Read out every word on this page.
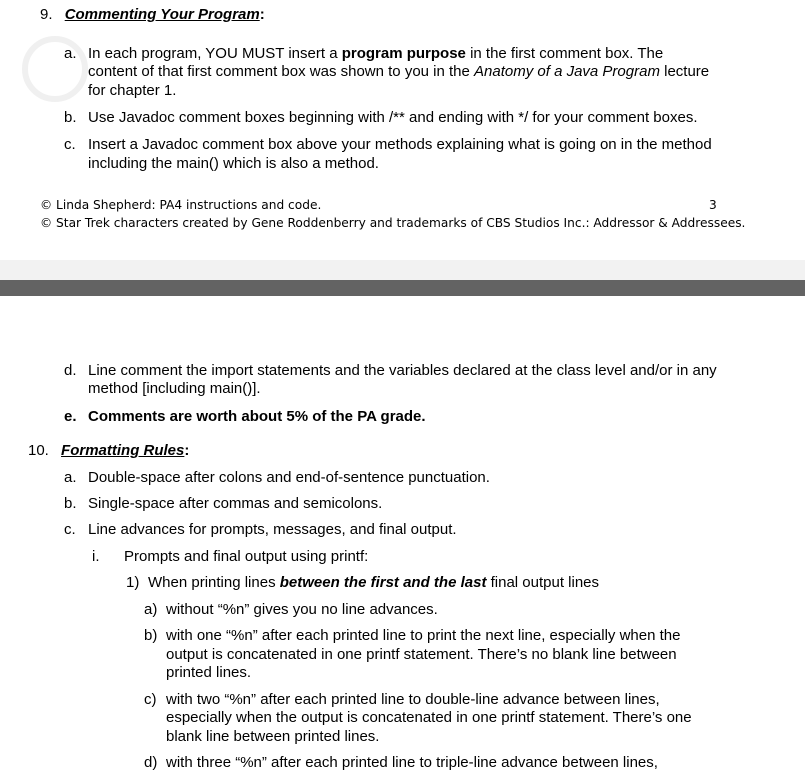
9. Commenting Your Program:
a. In each program, YOU MUST insert a program purpose in the first comment box. The
content of that first comment box was shown to you in the Anatomy of a Java Program lecture
for chapter 1.
b. Use Javadoc comment boxes beginning with /** and ending with */ for your comment boxes.
c. Insert a Javadoc comment box above your methods explaining what is going on in the method
including the main() which is also a method.
© Linda Shepherd: PA4 instructions and code.	3
© Star Trek characters created by Gene Roddenberry and trademarks of CBS Studios Inc.: Addressor & Addressees.
d. Line comment the import statements and the variables declared at the class level and/or in any
method [including main()].
e. Comments are worth about 5% of the PA grade.
10. Formatting Rules:
a. Double-space after colons and end-of-sentence punctuation.
b. Single-space after commas and semicolons.
c. Line advances for prompts, messages, and final output.
i. Prompts and final output using printf:
1) When printing lines between the first and the last final output lines
a) without “%n” gives you no line advances.
b) with one “%n” after each printed line to print the next line, especially when the
output is concatenated in one printf statement. There’s no blank line between
printed lines.
c) with two “%n” after each printed line to double-line advance between lines,
especially when the output is concatenated in one printf statement. There’s one
blank line between printed lines.
d) with three “%n” after each printed line to triple-line advance between lines,
